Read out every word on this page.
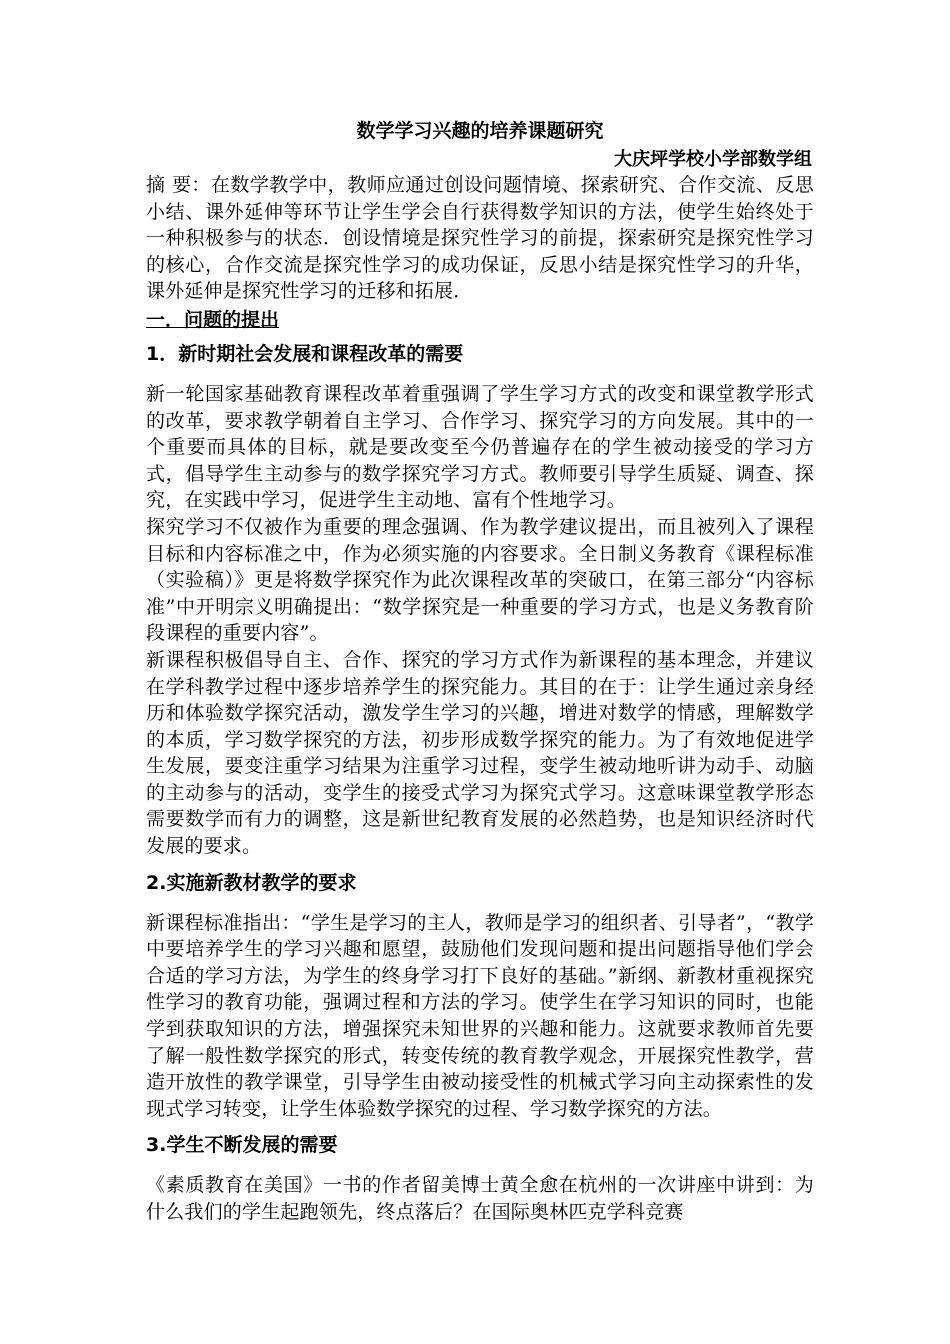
数学学习兴趣的培养课题研究

大庆坪学校小学部数学组

摘 要：在数学教学中，教师应通过创设问题情境、探索研究、合作交流、反思小结、课外延伸等环节让学生学会自行获得数学知识的方法，使学生始终处于一种积极参与的状态．创设情境是探究性学习的前提，探索研究是探究性学习的核心，合作交流是探究性学习的成功保证，反思小结是探究性学习的升华，课外延伸是探究性学习的迁移和拓展．

一．问题的提出

1．新时期社会发展和课程改革的需要

新一轮国家基础教育课程改革着重强调了学生学习方式的改变和课堂教学形式的改革，要求教学朝着自主学习、合作学习、探究学习的方向发展。其中的一个重要而具体的目标，就是要改变至今仍普遍存在的学生被动接受的学习方式，倡导学生主动参与的数学探究学习方式。教师要引导学生质疑、调查、探究，在实践中学习，促进学生主动地、富有个性地学习。

探究学习不仅被作为重要的理念强调、作为教学建议提出，而且被列入了课程目标和内容标准之中，作为必须实施的内容要求。全日制义务教育《课程标准（实验稿）》更是将数学探究作为此次课程改革的突破口，在第三部分“内容标准”中开明宗义明确提出：“数学探究是一种重要的学习方式，也是义务教育阶段课程的重要内容”。

新课程积极倡导自主、合作、探究的学习方式作为新课程的基本理念，并建议在学科教学过程中逐步培养学生的探究能力。其目的在于：让学生通过亲身经历和体验数学探究活动，激发学生学习的兴趣，增进对数学的情感，理解数学的本质，学习数学探究的方法，初步形成数学探究的能力。为了有效地促进学生发展，要变注重学习结果为注重学习过程，变学生被动地听讲为动手、动脑的主动参与的活动，变学生的接受式学习为探究式学习。这意味课堂教学形态需要数学而有力的调整，这是新世纪教育发展的必然趋势，也是知识经济时代发展的要求。

2.实施新教材教学的要求

新课程标准指出：“学生是学习的主人，教师是学习的组织者、引导者”，“教学中要培养学生的学习兴趣和愿望，鼓励他们发现问题和提出问题指导他们学会合适的学习方法，为学生的终身学习打下良好的基础。”新纲、新教材重视探究性学习的教育功能，强调过程和方法的学习。使学生在学习知识的同时，也能学到获取知识的方法，增强探究未知世界的兴趣和能力。这就要求教师首先要了解一般性数学探究的形式，转变传统的教育教学观念，开展探究性教学，营造开放性的教学课堂，引导学生由被动接受性的机械式学习向主动探索性的发现式学习转变，让学生体验数学探究的过程、学习数学探究的方法。

3.学生不断发展的需要

《素质教育在美国》一书的作者留美博士黄全愈在杭州的一次讲座中讲到：为什么我们的学生起跑领先，终点落后？在国际奥林匹克学科竞赛
